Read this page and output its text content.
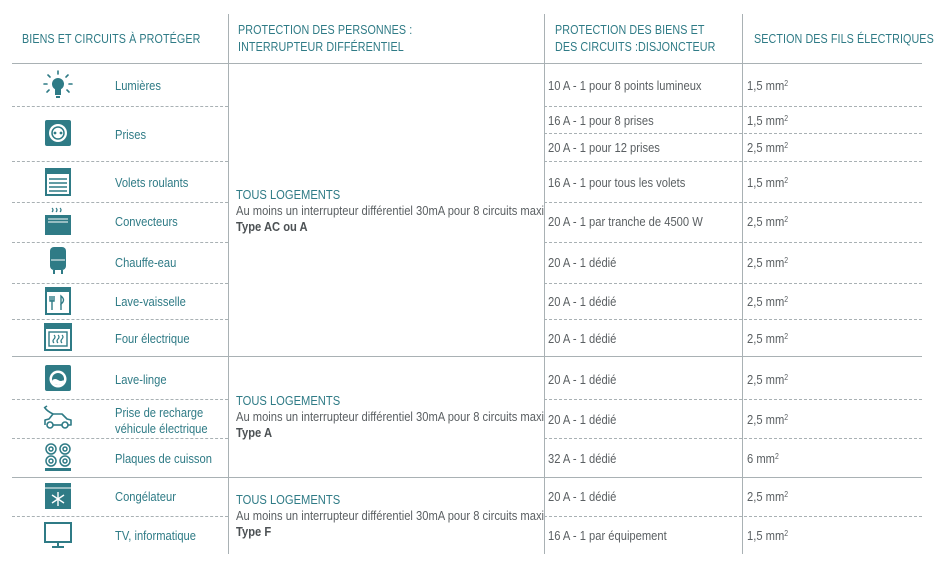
BIENS ET CIRCUITS À PROTÉGER
PROTECTION DES PERSONNES :
INTERRUPTEUR DIFFÉRENTIEL
PROTECTION DES BIENS ET
DES CIRCUITS :DISJONCTEUR
SECTION DES FILS ÉLECTRIQUES
Lumières
Prises
Volets roulants
Convecteurs
Chauffe-eau
Lave-vaisselle
Four électrique
Lave-linge
Prise de recharge
véhicule électrique
Plaques de cuisson
Congélateur
TV, informatique
TOUS LOGEMENTS
Au moins un interrupteur différentiel 30mA pour 8 circuits maxi
Type AC ou A
TOUS LOGEMENTS
Au moins un interrupteur différentiel 30mA pour 8 circuits maxi
Type A
TOUS LOGEMENTS
Au moins un interrupteur différentiel 30mA pour 8 circuits maxi
Type F
10 A - 1 pour 8 points lumineux
16 A - 1 pour 8 prises
20 A - 1 pour 12 prises
16 A - 1 pour tous les volets
20 A - 1 par tranche de 4500 W
20 A - 1 dédié
20 A - 1 dédié
20 A - 1 dédié
20 A - 1 dédié
20 A - 1 dédié
32 A - 1 dédié
20 A - 1 dédié
16 A - 1 par équipement
1,5 $mm^2$
1,5 $mm^2$
2,5 $mm^2$
1,5 $mm^2$
2,5 $mm^2$
2,5 $mm^2$
2,5 $mm^2$
2,5 $mm^2$
2,5 $mm^2$
2,5 $mm^2$
6 $mm^2$
2,5 $mm^2$
1,5 $mm^2$
